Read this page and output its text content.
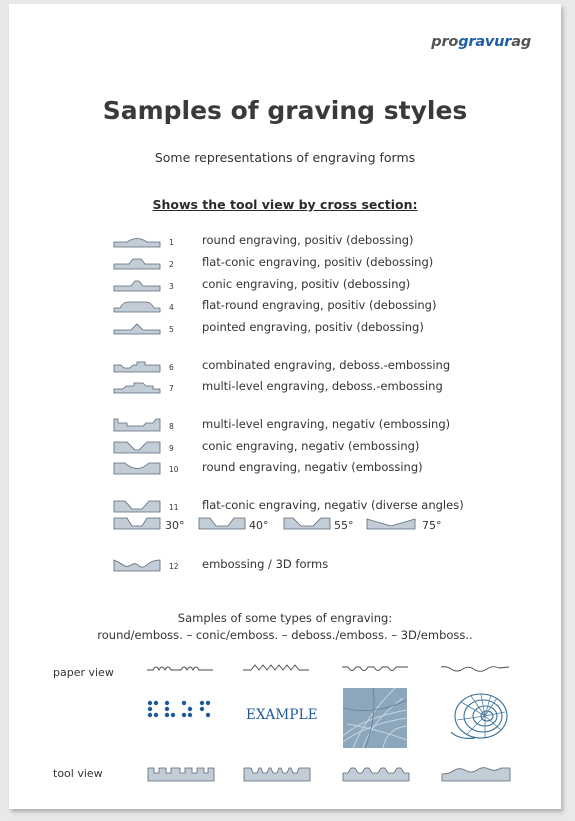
progravurag
Samples of graving styles
Some representations of engraving forms
Shows the tool view by cross section:
1 round engraving, positiv (debossing)
2 flat-conic engraving, positiv (debossing)
3 conic engraving, positiv (debossing)
4 flat-round engraving, positiv (debossing)
5 pointed engraving, positiv (debossing)
6 combinated engraving, deboss.-embossing
7 multi-level engraving, deboss.-embossing
8 multi-level engraving, negativ (embossing)
9 conic engraving, negativ (embossing)
10 round engraving, negativ (embossing)
11 flat-conic engraving, negativ (diverse angles)
30°	40°	55°	75°
12 embossing / 3D forms
Samples of some types of engraving:
round/emboss. – conic/emboss. – deboss./emboss. – 3D/emboss..
paper view
tool view
EXAMPLE
